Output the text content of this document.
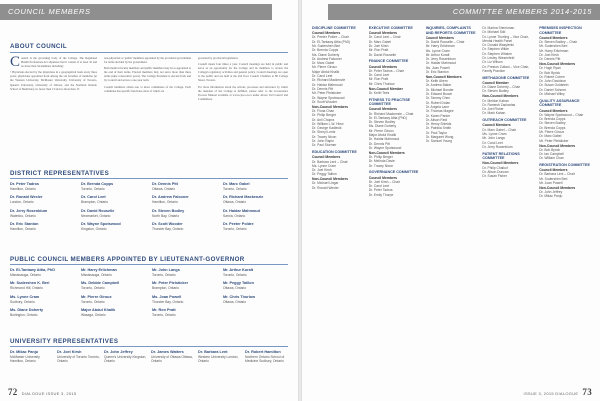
COUNCIL MEMBERS
ABOUT COUNCIL

Council is the governing body of the College. The Regulated Health Professions Act stipulates that it consist of at least 32 and no more than 34 members including:

• Physicians elected by the physicians in a geographical basis every three years; physicians appointed from among the six faculties of medicine (at the Western University, McMaster University, University of Toronto, Queen's University, University of Ottawa, and the Northern Ontario School of Medicine); no fewer than 13 and no more than 15

non-physician or 'public' members appointed by the provincial government for terms decided by the government.

Both medical faculty members and public members may be re-appointed at the end of their terms. Elected members may not serve more than three terms (nine consecutive years). The College President is elected from and by Council and serves a one-year term.

Council members obtain one or more committees of the College. Each committee has specific functions, most of which are

governed by provincial legislation.

Council meets four times a year. Council meetings are held in public and serve as an opportunity for the College and its members to review the College's regulatory activities and general policy. Council meetings are open to the public and are held at the 2nd floor Council Chamber at 80 College Street, Toronto.

For more information about the actions, processes and structures by which the mandate of the College is fulfilled, please refer to the Governance Process Manual available at www.cpso.on.ca under About Us>Council and Committees.

DISTRICT REPRESENTATIVES
Dr. Peter Tadros
Hamilton, Ontario
Dr. Brenda Copps
Toronto, Ontario
Dr. Dennis Pitt
Ottawa, Ontario
Dr. Marc Gabel
Toronto, Ontario
Dr. Ronald Wexler
London, Ontario
Dr. Carol Leet
Brampton, Ontario
Dr. Andrew Falconer
Hamilton, Ontario
Dr. Richard Mackenzie
Ottawa, Ontario
Dr. Jerry Rosenblum
Waterloo, Ontario
Dr. David Rouselle
Newmarket, Ontario
Dr. Steven Bodley
North Bay, Ontario
Dr. Haidar Mahmoud
Sarnia, Ontario
Dr. Eric Stanton
Hamilton, Ontario
Dr. Wayne Spotswood
Kingston, Ontario
Dr. Scott Wooder
Thunder Bay, Ontario
Dr. Peeter Poldre
Toronto, Ontario
PUBLIC COUNCIL MEMBERS APPOINTED BY LIEUTENANT-GOVERNOR
Dr. El-Tantawy Attia, PhD
Mississauga, Ontario
Mr. Harry Erlichman
Mississauga, Ontario
Mr. John Langs
Toronto, Ontario
Mr. Arthur Kuralt
Toronto, Ontario
Mr. Sudershen K. Beri
Richmond Hill, Ontario
Ms. Debbie Campbell
Toronto, Ontario
Mr. Peter Pielsticker
Brampton, Ontario
Mr. Peggy Taillon
Ottawa, Ontario
Ms. Lynne Cram
Sudbury, Ontario
Mr. Pierre Giroux
Toronto, Ontario
Ms. Joan Powell
Thunder Bay, Ontario
Mr. Chris Thurlow
Ottawa, Ontario
Ms. Diane Doherty
Burlington, Ontario
Major Abdul Khalik
Wasaga, Ontario
Mr. Ron Pratt
Toronto, Ontario
UNIVERSITY REPRESENTATIVES
Dr. Mikac Panju
McMaster University Hamilton, Ontario
Dr. Joel Kirsh
University of Toronto Toronto, Ontario
Dr. John Jeffrey
Queen's University Kingston, Ontario
Dr. James Watters
University of Ottawa Ottawa, Ontario
Dr. Barbara Lent
Western University London, Ontario
Dr. Robert Hamilton
Northern Ontario School of Medicine Sudbury, Ontario
72 DIALOGUE ISSUE 3, 2015
COMMITTEE MEMBERS 2014-2015
DISCIPLINE COMMITTEE
Council Members
Dr. Peeter Poldre – Chair
Dr. El-Tantawy Attia (PhD)
Mr. Sudershen Beri
Dr. Brenda Copps
Ms. Diane Doherty
Dr. Andrew Falconer
Dr. Marc Gabel
Mr. Pierre Giroux
Major Abdul Khalik
Dr. Carol Leet
Dr. Richard Mackenzie
Dr. Haidar Mahmoud
Dr. Dennis Pitt
Mr. Peter Pielsticker
Dr. Wayne Spotswood
Dr. Scott Wooder
Non-Council Members
Dr. Fiona Chan
Dr. Philip Berger
Dr. Anil Chopra
Dr. William L.W. Hiew
Dr. George Kadlecik
Dr. Sheryl Lentz
Dr. Tracey Nixon
Dr. John Rapin
Dr. Paul Sturmer
EDUCATION COMMITTEE
Council Members
Dr. Barbara Lent – Chair
Ms. Lynne Cram
Dr. Joel Kirsh
Dr. Peggy Taillon
Non-Council Members
Dr. Michael Ungar
Dr. Ronald Wexler
EXECUTIVE COMMITTEE
Council Members
Dr. Carol Leet – Chair
Dr. Marc Gabel
Dr. Joel Kirsh
Mr. Ron Pratt
Dr. David Rouselle
FINANCE COMMITTEE
Council Members
Dr. Peter Tadros – Chair
Dr. Carol Leet
Mr. Ron Pratt
Mr. Chris Thurlow
Non-Council Member
Dr. Keith Tees
FITNESS TO PRACTISE COMMITTEE
Council Members
Dr. Richard Mackenzie – Chair
Dr. El-Tantawy Attia (PhD)
Dr. Steven Bodley
Ms. Diane Doherty
Mr. Pierre Giroux
Major Abdul Khalik
Dr. Haidar Mahmoud
Dr. Dennis Pitt
Dr. Wayne Spotswood
Non-Council Members
Dr. Philip Berger
Dr. Melinda Davie
Dr. Tracey Nixon
GOVERNANCE COMMITTEE
Council Members
Dr. Joel Kirsh – Chair
Dr. Carol Leet
Dr. Peter Tadros
Dr. Emily Thorpe
INQUIRIES, COMPLAINTS AND REPORTS COMMITTEE
Council Members
Dr. David Rouselle – Chair
Mr. Harry Erlichman
Ms. Lynne Cram
Mr. Arthur Kuralt
Dr. Jerry Rosenblum
Dr. Haidar Mahmoud
Ms. Joan Powell
Dr. Eric Stanton
Non-Council Members
Dr. Keith Ahern
Dr. Andrew Baker
Dr. Michael Bonder
Dr. Edward Brown
Dr. Tammy Chen
Dr. Robert Dolan
Dr. Angela Lane
Dr. Thomas Magee
Dr. Karen Parker
Dr. Alison Reid
Dr. Henry Shields
Dr. Patricia Smith
Dr. Paul Taylor
Dr. Margaret Wong
Dr. Samuel Young
Dr. Marina Shenkman
Dr. Michael Sild
Dr. Lynne Thurling – Vice Chair, Mental Health Panel
Dr. Donald Wasylenki
Dr. Stephen Wilde
Dr. Stephen Whalen
Dr. Lesley Wiesenfeld
Dr. Liz Wilson
Dr. Preston Zuliani – Vice Chair, Family Practice
METHADONE COMMITTEE
Council Member
Dr. Diane Doherty – Chair
Dr. Steven Bodley
Non-Council Members
Dr. Meldon Kahan
Dr. Ramesh Zacharias
Dr. Joel Fisher
Dr. Mark Kahan
OUTREACH COMMITTEE
Council Members
Dr. Marc Gabel – Chair
Ms. Lynne Cram
Mr. John Langs
Dr. Carol Leet
Dr. Jerry Rosenblum
PATIENT RELATIONS COMMITTEE
Non-Council Members
Dr. Philip Chaikof
Dr. Alison Duncan
Dr. Susan Fisher
PREMISES INSPECTION COMMITTEE
Council Members
Dr. Steven Bodley – Chair
Mr. Sudershen Beri
Mr. Harry Erlichman
Dr. Joel Kirsh
Dr. Dennis Pitt
Non-Council Members
Dr. Hugh Ryan
Dr. Bob Byrick
Dr. Robert Cohen
Dr. John Davidson
Dr. Susan Goldstein
Dr. Daniel Sohmer
Dr. Michael Wiley
QUALITY ASSURANCE COMMITTEE
Council Members
Dr. Wayne Spotswood – Chair
Dr. Brenda Copps
Dr. Steven Bodley
Dr. Brenda Copps
Mr. Pierre Giroux
Dr. Marc Gabel
Mr. Peter Pielsticker
Non-Council Members
Dr. Bob Byrick
Dr. Ian Campbell
Dr. William Chan
REGISTRATION COMMITTEE
Council Members
Dr. Barbara Lent – Chair
Mr. Sudershen Beri
Mr. Joan Powell
Non-Council Members
Dr. John Jeffrey
Dr. Mikac Panju
ISSUE 3, 2015 DIALOGUE 73
